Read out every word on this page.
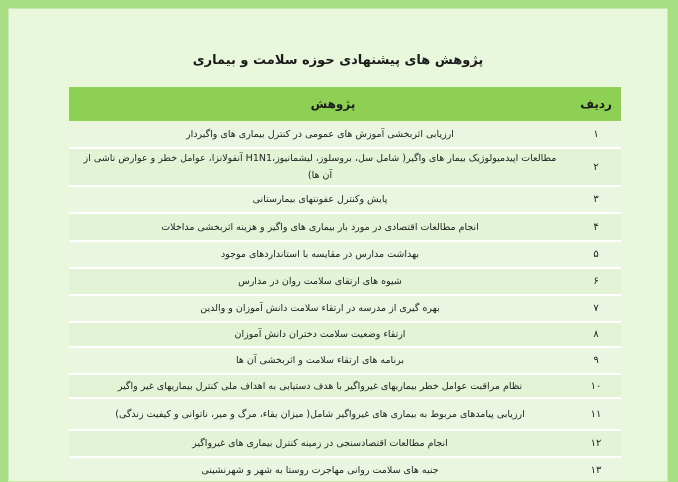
پژوهش های پیشنهادی حوزه سلامت و بیماری
ردیف
پژوهش
۱
ارزیابی اثربخشی آموزش های عمومی در کنترل بیماری های واگیردار
۲
مطالعات اپیدمیولوژیک بیمار های واگیر( شامل سل، بروسلوز، لیشمانیوز،H1N1 آنفولانزا، عوامل خطر و عوارض ناشی از آن ها)
۳
پایش وکنترل عفونتهای بیمارستانی
۴
انجام مطالعات اقتصادی در مورد بار بیماری های واگیر و هزینه اثربخشی مداخلات
۵
بهداشت مدارس در مقایسه با استانداردهای موجود
۶
شیوه های ارتقای سلامت روان در مدارس
۷
بهره گیری از مدرسه در ارتقاء سلامت دانش آموزان و والدین
۸
ارتقاء وضعیت سلامت دختران دانش آموزان
۹
برنامه های ارتقاء سلامت و اثربخشی آن ها
۱۰
نظام مراقبت عوامل خطر بیماریهای غیرواگیر با هدف دستیابی به اهداف ملی کنترل بیماریهای غیر واگیر
۱۱
ارزیابی پیامدهای مربوط به بیماری های غیرواگیر شامل( میزان بقاء، مرگ و میر، ناتوانی و کیفیت زندگی)
۱۲
انجام مطالعات اقتصادسنجی در زمینه کنترل بیماری های غیرواگیر
۱۳
جنبه های سلامت روانی مهاجرت روستا به شهر و شهرنشینی
